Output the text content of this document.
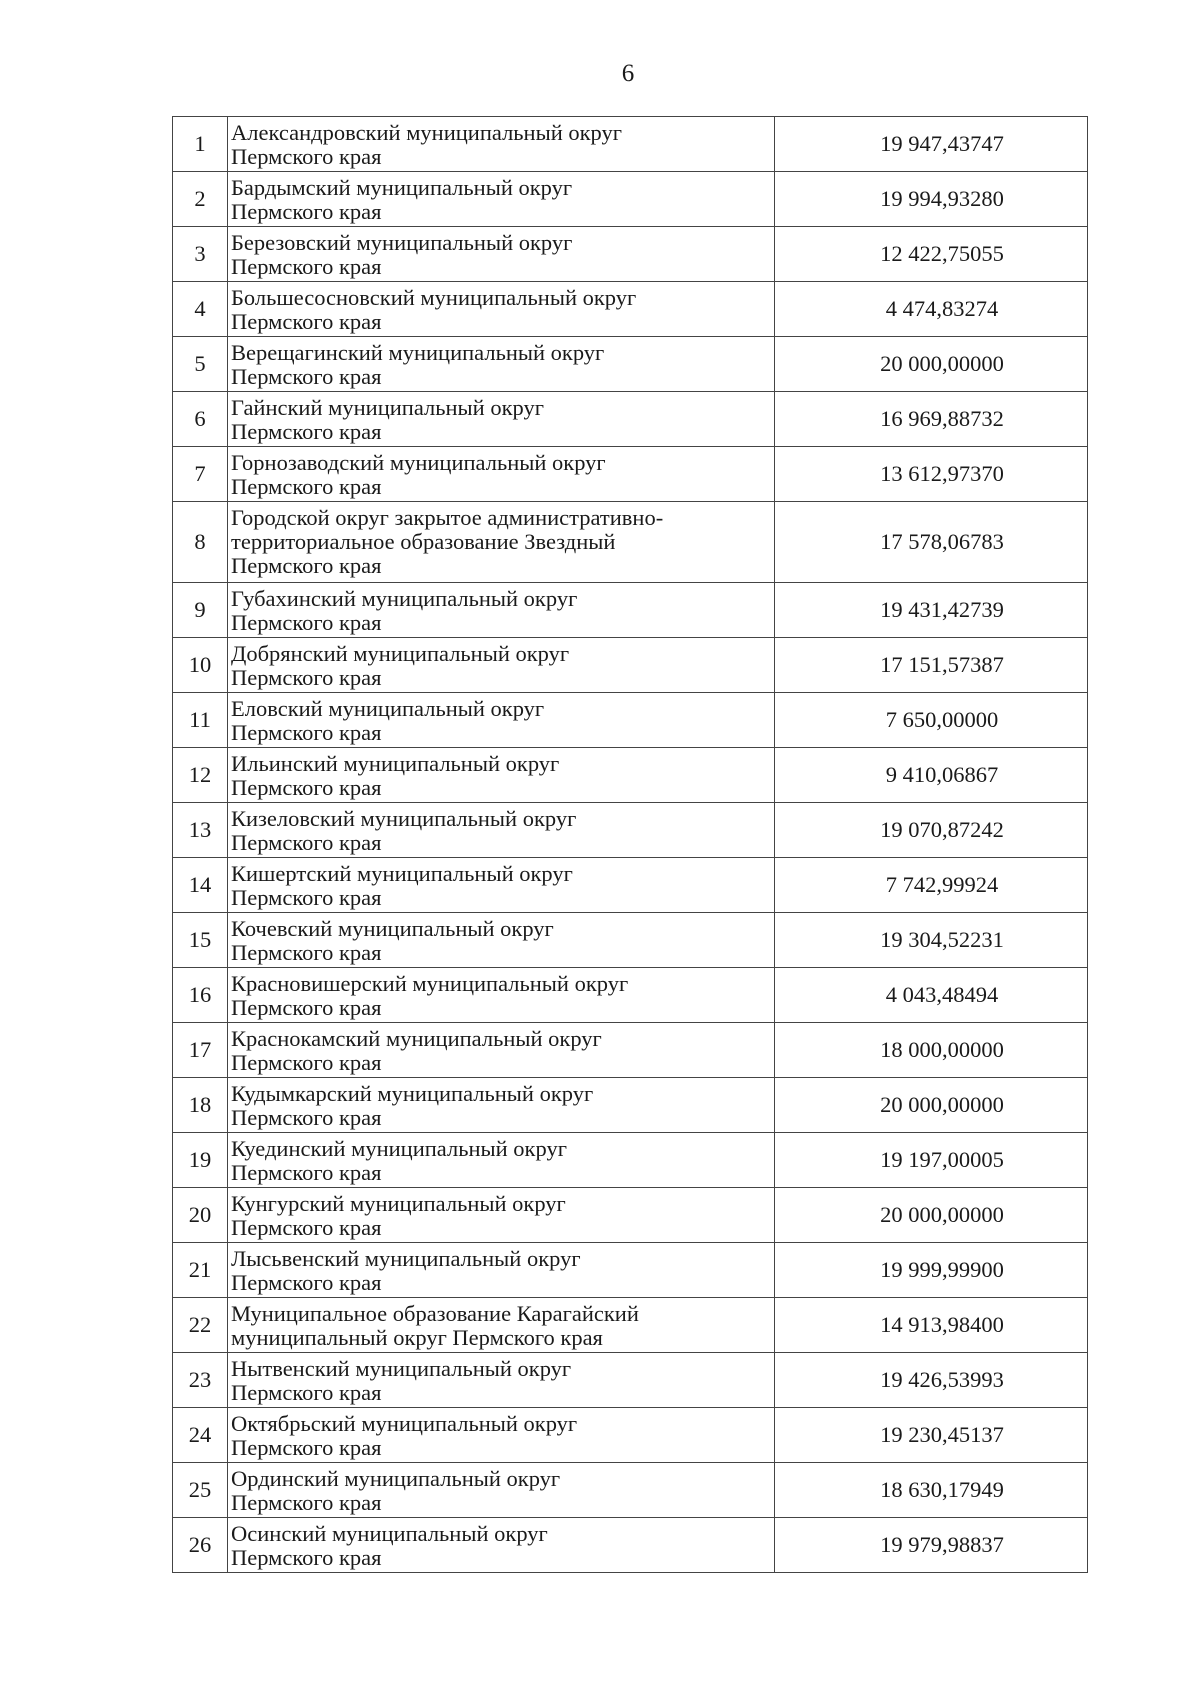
6
1	Александровский муниципальный округ
Пермского края	19 947,43747
2	Бардымский муниципальный округ
Пермского края	19 994,93280
3	Березовский муниципальный округ
Пермского края	12 422,75055
4	Большесосновский муниципальный округ
Пермского края	4 474,83274
5	Верещагинский муниципальный округ
Пермского края	20 000,00000
6	Гайнский муниципальный округ
Пермского края	16 969,88732
7	Горнозаводский муниципальный округ
Пермского края	13 612,97370
8	Городской округ закрытое административно-
территориальное образование Звездный
Пермского края	17 578,06783
9	Губахинский муниципальный округ
Пермского края	19 431,42739
10	Добрянский муниципальный округ
Пермского края	17 151,57387
11	Еловский муниципальный округ
Пермского края	7 650,00000
12	Ильинский муниципальный округ
Пермского края	9 410,06867
13	Кизеловский муниципальный округ
Пермского края	19 070,87242
14	Кишертский муниципальный округ
Пермского края	7 742,99924
15	Кочевский муниципальный округ
Пермского края	19 304,52231
16	Красновишерский муниципальный округ
Пермского края	4 043,48494
17	Краснокамский муниципальный округ
Пермского края	18 000,00000
18	Кудымкарский муниципальный округ
Пермского края	20 000,00000
19	Куединский муниципальный округ
Пермского края	19 197,00005
20	Кунгурский муниципальный округ
Пермского края	20 000,00000
21	Лысьвенский муниципальный округ
Пермского края	19 999,99900
22	Муниципальное образование Карагайский
муниципальный округ Пермского края	14 913,98400
23	Нытвенский муниципальный округ
Пермского края	19 426,53993
24	Октябрьский муниципальный округ
Пермского края	19 230,45137
25	Ординский муниципальный округ
Пермского края	18 630,17949
26	Осинский муниципальный округ
Пермского края	19 979,98837
